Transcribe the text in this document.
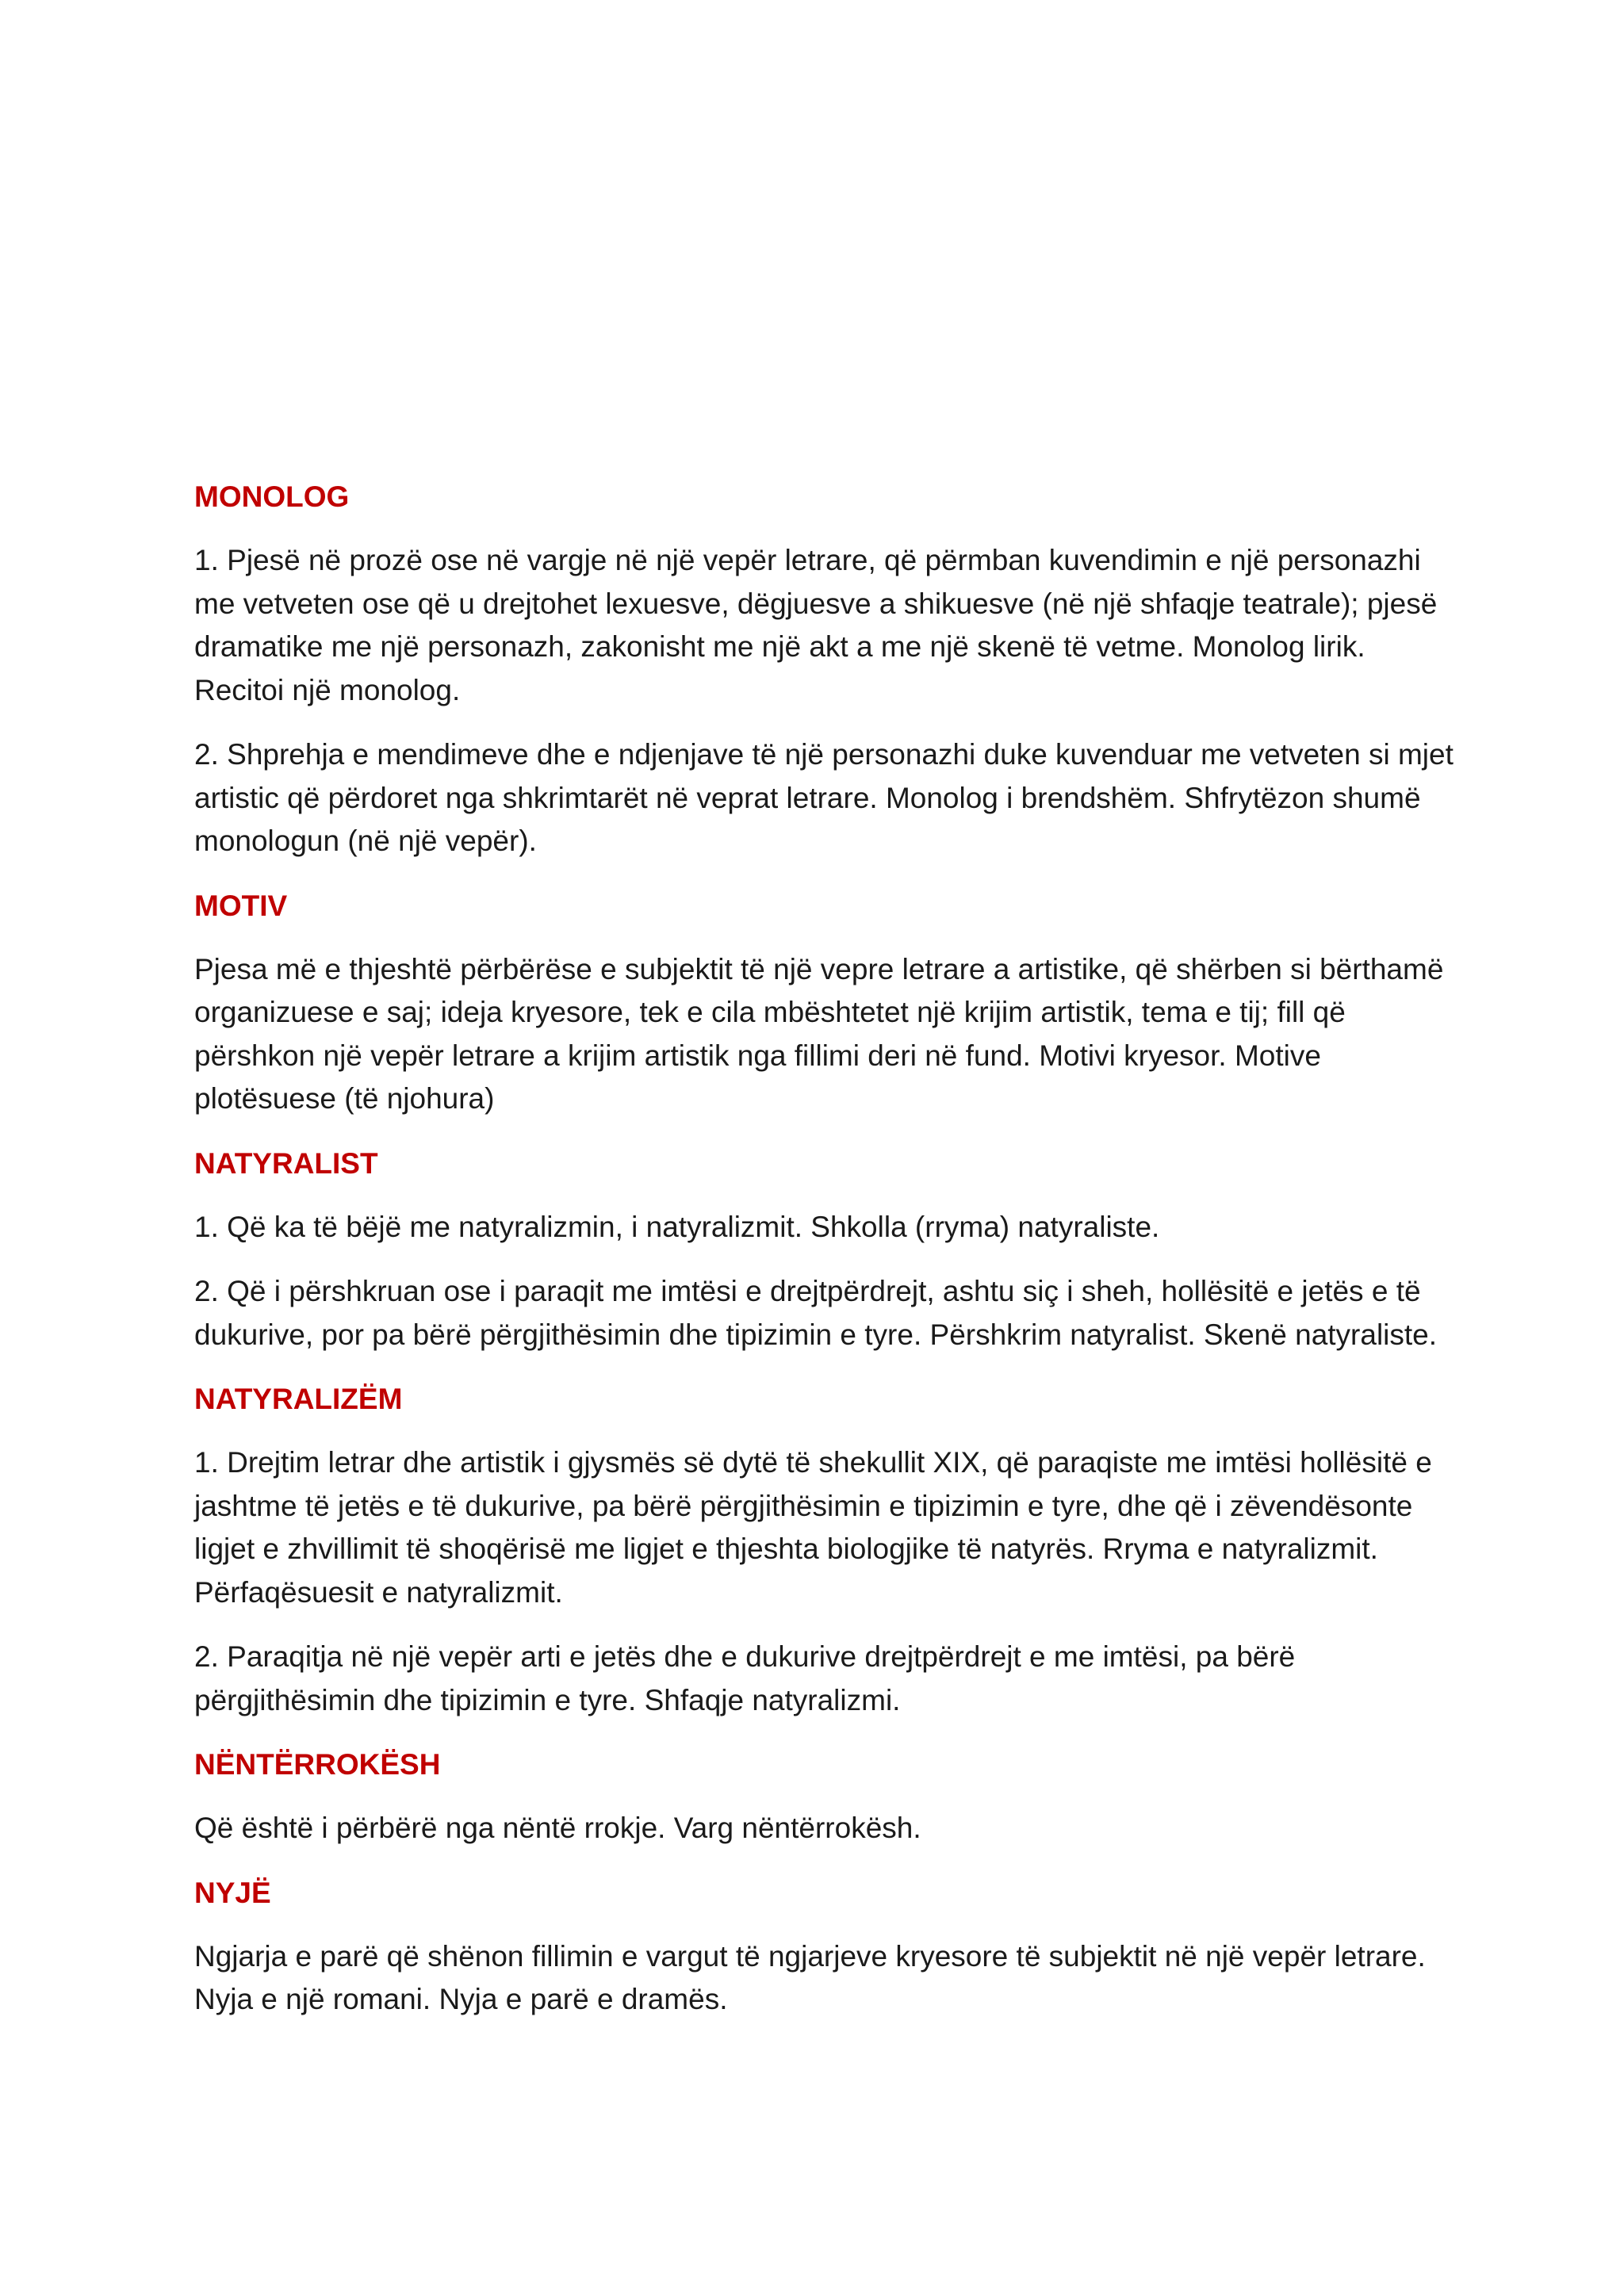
MONOLOG

1. Pjesë në prozë ose në vargje në një vepër letrare, që përmban kuvendimin e një personazhi me vetveten ose që u drejtohet lexuesve, dëgjuesve a shikuesve (në një shfaqje teatrale); pjesë dramatike me një personazh, zakonisht me një akt a me një skenë të vetme. Monolog lirik. Recitoi një monolog.

2. Shprehja e mendimeve dhe e ndjenjave të një personazhi duke kuvenduar me vetveten si mjet artistic që përdoret nga shkrimtarët në veprat letrare. Monolog i brendshëm. Shfrytëzon shumë monologun (në një vepër).

MOTIV

Pjesa më e thjeshtë përbërëse e subjektit të një vepre letrare a artistike, që shërben si bërthamë organizuese e saj; ideja kryesore, tek e cila mbështetet një krijim artistik, tema e tij; fill që përshkon një vepër letrare a krijim artistik nga fillimi deri në fund. Motivi kryesor. Motive plotësuese (të njohura)

NATYRALIST

1. Që ka të bëjë me natyralizmin, i natyralizmit. Shkolla (rryma) natyraliste.

2. Që i përshkruan ose i paraqit me imtësi e drejtpërdrejt, ashtu siç i sheh, hollësitë e jetës e të dukurive, por pa bërë përgjithësimin dhe tipizimin e tyre. Përshkrim natyralist. Skenë natyraliste.

NATYRALIZËM

1. Drejtim letrar dhe artistik i gjysmës së dytë të shekullit XIX, që paraqiste me imtësi hollësitë e jashtme të jetës e të dukurive, pa bërë përgjithësimin e tipizimin e tyre, dhe që i zëvendësonte ligjet e zhvillimit të shoqërisë me ligjet e thjeshta biologjike të natyrës. Rryma e natyralizmit. Përfaqësuesit e natyralizmit.

2. Paraqitja në një vepër arti e jetës dhe e dukurive drejtpërdrejt e me imtësi, pa bërë përgjithësimin dhe tipizimin e tyre. Shfaqje natyralizmi.

NËNTËRROKËSH

Që është i përbërë nga nëntë rrokje. Varg nëntërrokësh.

NYJË

Ngjarja e parë që shënon fillimin e vargut të ngjarjeve kryesore të subjektit në një vepër letrare. Nyja e një romani. Nyja e parë e dramës.
